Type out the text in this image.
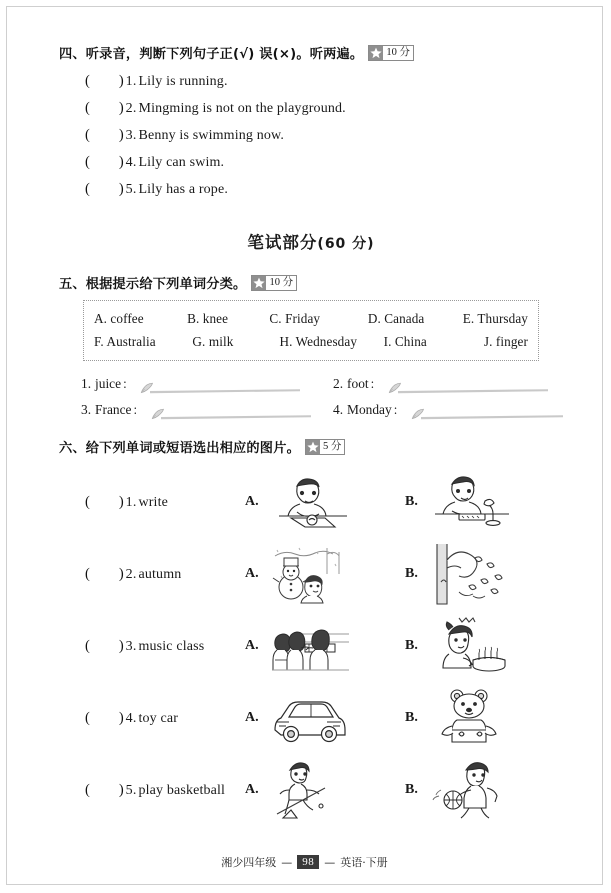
四、听录音，判断下列句子正(√) 误(×)。听两遍。 10 分
(        ) 1. Lily is running.
(        ) 2. Mingming is not on the playground.
(        ) 3. Benny is swimming now.
(        ) 4. Lily can swim.
(        ) 5. Lily has a rope.
笔试部分(60 分)
五、根据提示给下列单词分类。 10 分
A. coffee	B. knee	C. Friday	D. Canada	E. Thursday
F. Australia	G. milk	H. Wednesday	I. China	J. finger
1. juice ：	2. foot ：
3. France ：	4. Monday ：
六、给下列单词或短语选出相应的图片。 5 分
(        ) 1. write	A.	B.
(        ) 2. autumn	A.	B.
(        ) 3. music class	A.	B.
(        ) 4. toy car	A.	B.
(        ) 5. play basketball A.	B.
湘少四年级 — 98 — 英语·下册
